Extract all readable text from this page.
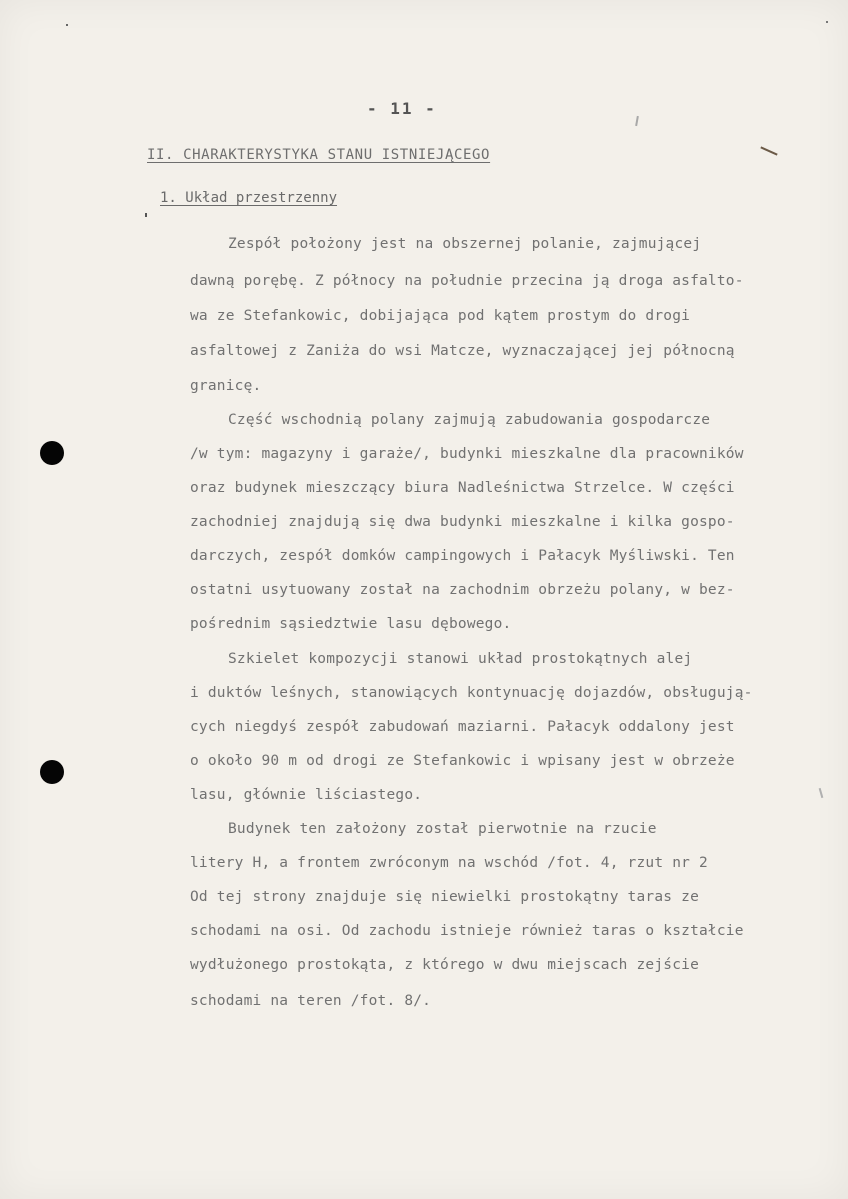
- 11 -
II. CHARAKTERYSTYKA STANU ISTNIEJĄCEGO
1. Układ przestrzenny
Zespół położony jest na obszernej polanie, zajmującej
dawną porębę. Z północy na południe przecina ją droga asfalto-
wa ze Stefankowic, dobijająca pod kątem prostym do drogi
asfaltowej z Zaniża do wsi Matcze, wyznaczającej jej północną
granicę.
Część wschodnią polany zajmują zabudowania gospodarcze
/w tym: magazyny i garaże/, budynki mieszkalne dla pracowników
oraz budynek mieszczący biura Nadleśnictwa Strzelce. W części
zachodniej znajdują się dwa budynki mieszkalne i kilka gospo-
darczych, zespół domków campingowych i Pałacyk Myśliwski. Ten
ostatni usytuowany został na zachodnim obrzeżu polany, w bez-
pośrednim sąsiedztwie lasu dębowego.
Szkielet kompozycji stanowi układ prostokątnych alej
i duktów leśnych, stanowiących kontynuację dojazdów, obsługują-
cych niegdyś zespół zabudowań maziarni. Pałacyk oddalony jest
o około 90 m od drogi ze Stefankowic i wpisany jest w obrzeże
lasu, głównie liściastego.
Budynek ten założony został pierwotnie na rzucie
litery H, a frontem zwróconym na wschód /fot. 4, rzut nr 2
Od tej strony znajduje się niewielki prostokątny taras ze
schodami na osi. Od zachodu istnieje również taras o kształcie
wydłużonego prostokąta, z którego w dwu miejscach zejście
schodami na teren /fot. 8/.
